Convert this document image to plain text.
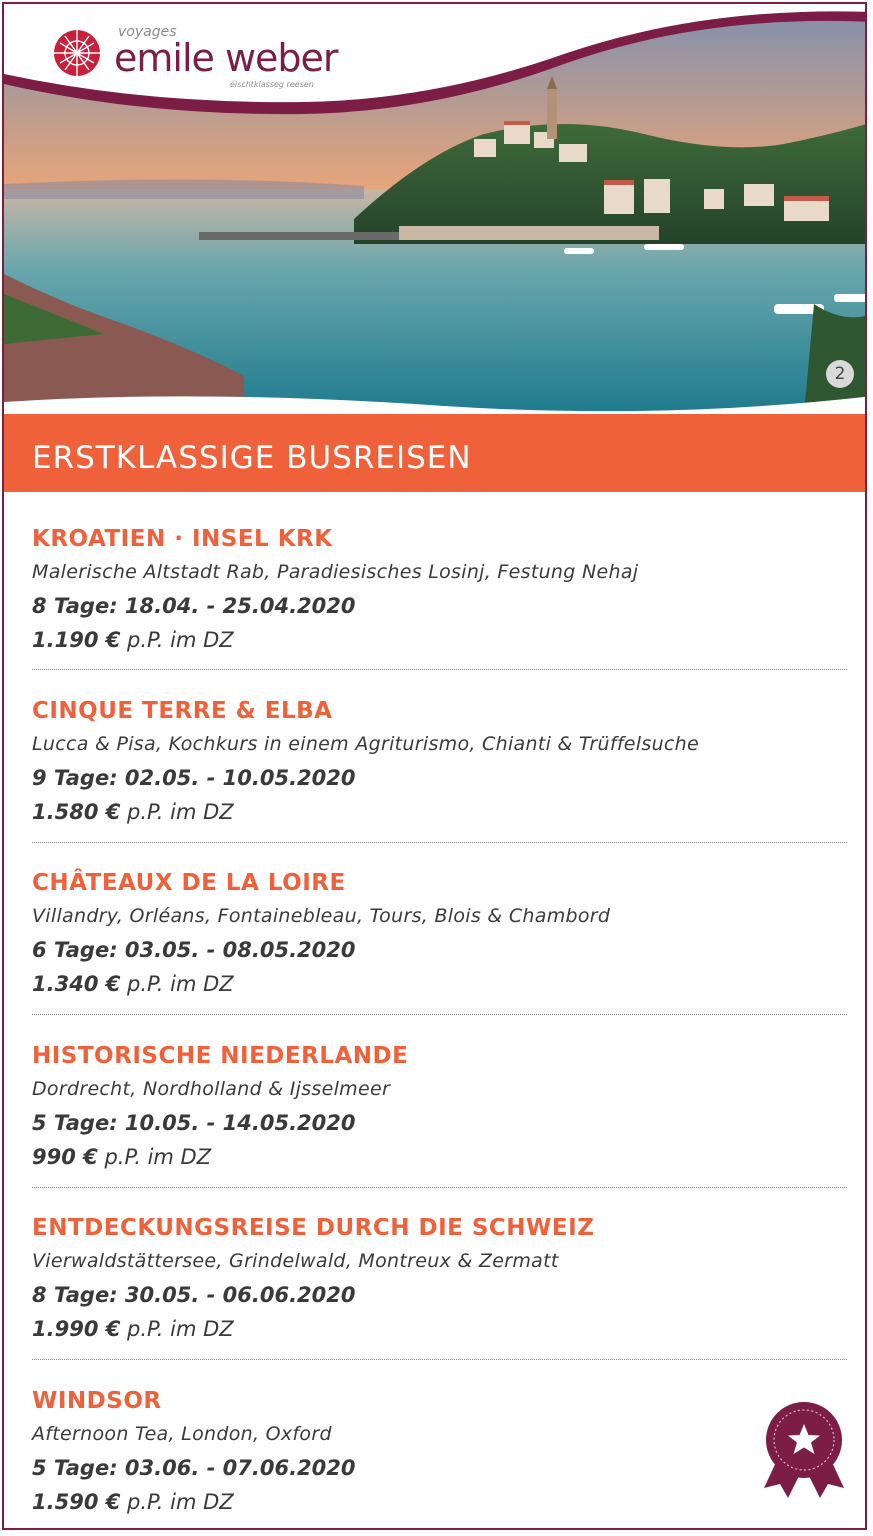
voyages
emile weber
éischtklasseg reesen
2
ERSTKLASSIGE BUSREISEN
KROATIEN · INSEL KRK
Malerische Altstadt Rab, Paradiesisches Losinj, Festung Nehaj
8 Tage: 18.04. - 25.04.2020
1.190 € p.P. im DZ
CINQUE TERRE & ELBA
Lucca & Pisa, Kochkurs in einem Agriturismo, Chianti & Trüffelsuche
9 Tage: 02.05. - 10.05.2020
1.580 € p.P. im DZ
CHÂTEAUX DE LA LOIRE
Villandry, Orléans, Fontainebleau, Tours, Blois & Chambord
6 Tage: 03.05. - 08.05.2020
1.340 € p.P. im DZ
HISTORISCHE NIEDERLANDE
Dordrecht, Nordholland & Ijsselmeer
5 Tage: 10.05. - 14.05.2020
990 € p.P. im DZ
ENTDECKUNGSREISE DURCH DIE SCHWEIZ
Vierwaldstättersee, Grindelwald, Montreux & Zermatt
8 Tage: 30.05. - 06.06.2020
1.990 € p.P. im DZ
WINDSOR
Afternoon Tea, London, Oxford
5 Tage: 03.06. - 07.06.2020
1.590 € p.P. im DZ
